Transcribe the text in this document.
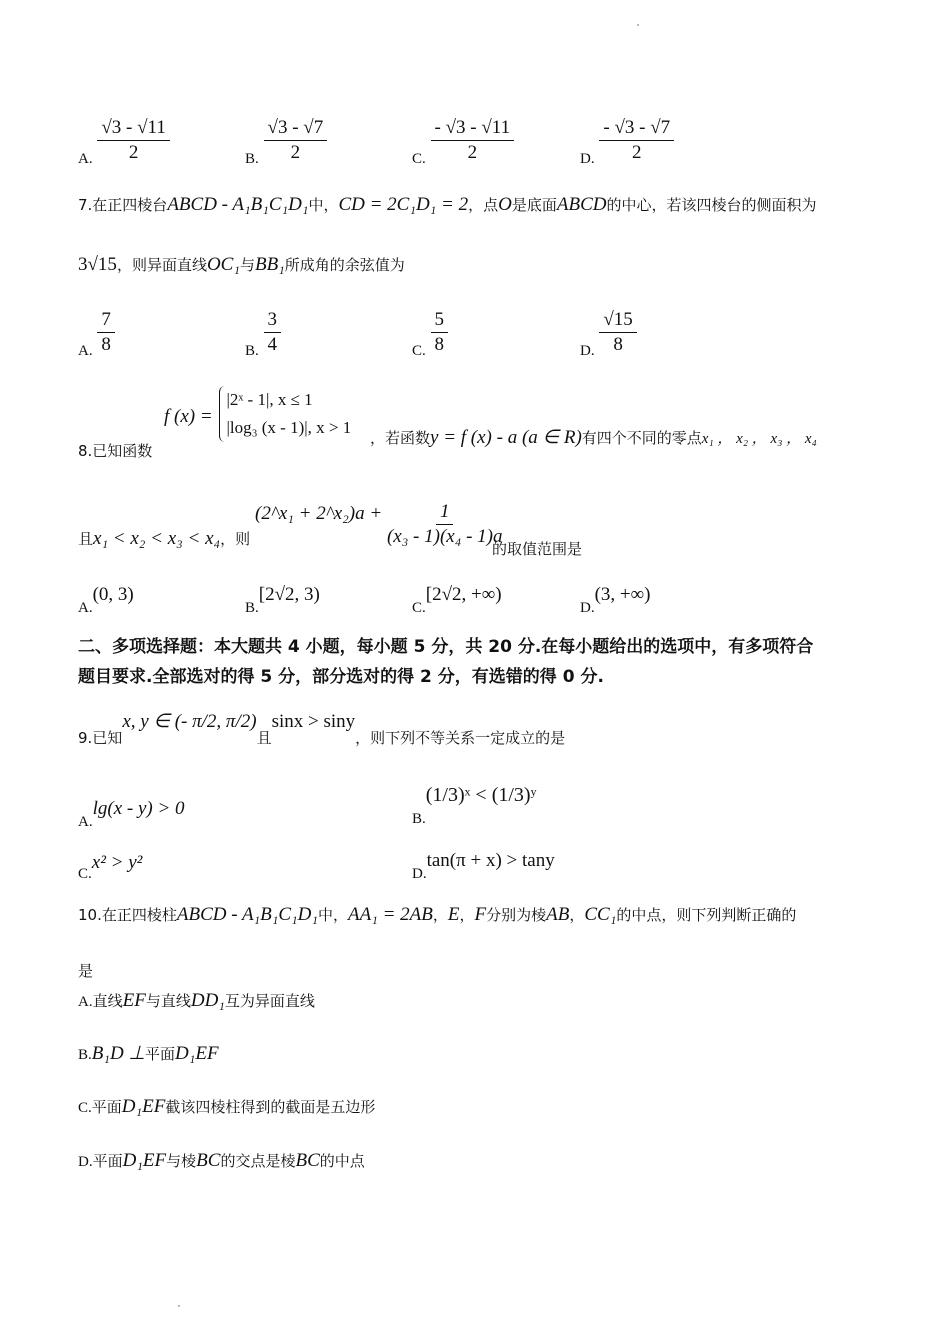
A. $\frac{√3 - √11}{2}$	B. $\frac{√3 - √7}{2}$	C. $\frac{- √3 - √11}{2}$	D. $\frac{- √3 - √7}{2}$
7.在正四棱台ABCD - A₁B₁C₁D₁中，CD = 2C₁D₁ = 2，点O是底面ABCD的中心，若该四棱台的侧面积为
3√15，则异面直线OC₁与BB₁所成角的余弦值为
A. $\frac{7}{8}$	B. $\frac{3}{4}$	C. $\frac{5}{8}$	D. $\frac{√15}{8}$
8.已知函数
f (x) =
|2ˣ - 1|, x ≤ 1
|log₃ (x - 1)|, x > 1
，若函数y = f (x) - a (a ∈ R)有四个不同的零点x₁ ， x₂ ， x₃ ， x₄
且x₁ < x₂ < x₃ < x₄，则
(2^x₁ + 2^x₂)a + $\frac{1}{\text{(x₃ - 1)(x₄ - 1)a}}$
的取值范围是
A.(0, 3)
B.[2√2, 3)
C.[2√2, +∞)
D.(3, +∞)
二、多项选择题：本大题共 4 小题，每小题 5 分，共 20 分.在每小题给出的选项中，有多项符合
题目要求.全部选对的得 5 分，部分选对的得 2 分，有选错的得 0 分.
9.已知x, y ∈ (- π/2, π/2)且sinx > siny，则下列不等关系一定成立的是
A.lg(x - y) > 0	B.(1/3)ˣ < (1/3)ʸ
C.x² > y²
D.tan(π + x) > tany
10.在正四棱柱ABCD - A₁B₁C₁D₁中，AA₁ = 2AB，E，F分别为棱AB，CC₁的中点，则下列判断正确的
是
A.直线EF与直线DD₁互为异面直线
B.B₁D ⊥平面D₁EF
C.平面D₁EF截该四棱柱得到的截面是五边形
D.平面D₁EF与棱BC的交点是棱BC的中点
